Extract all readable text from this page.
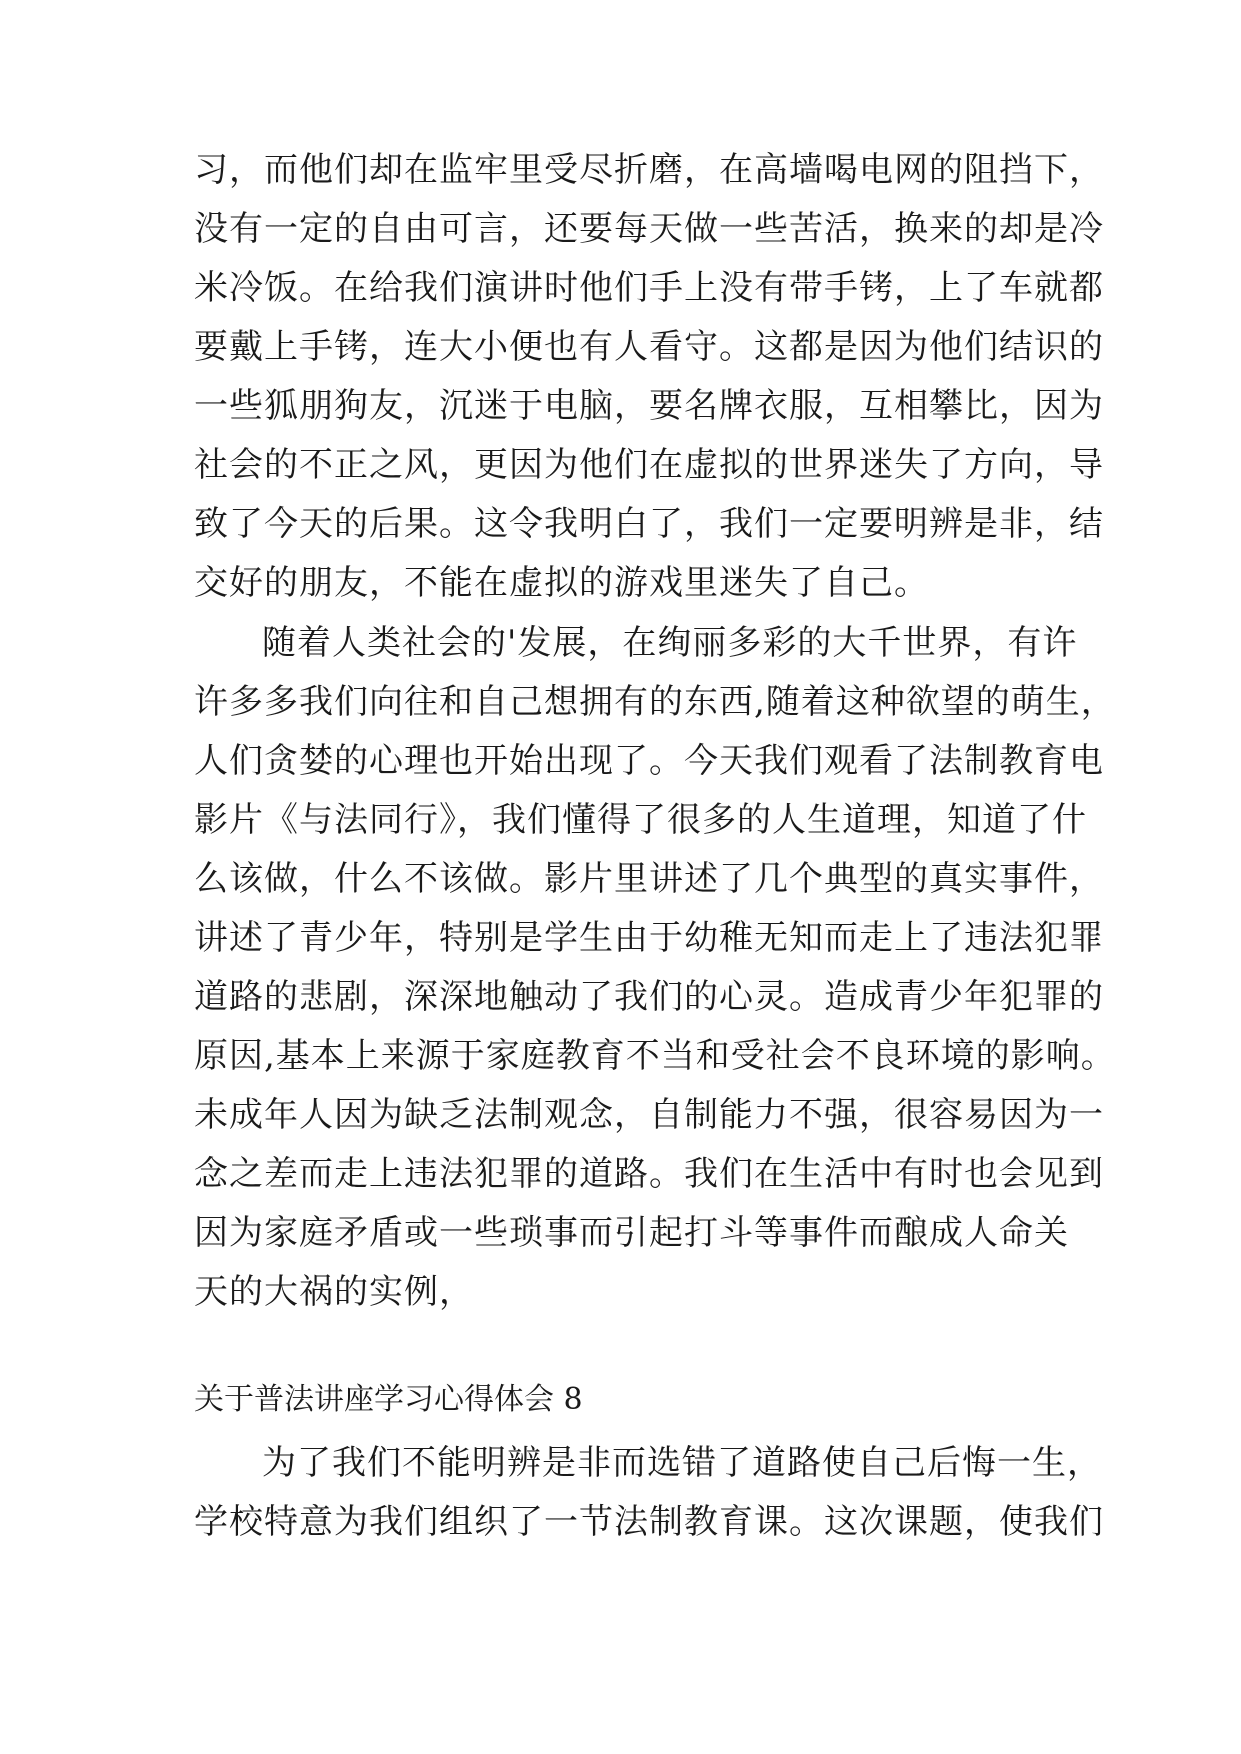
习，而他们却在监牢里受尽折磨，在高墙喝电网的阻挡下，
没有一定的自由可言，还要每天做一些苦活，换来的却是冷
米冷饭。在给我们演讲时他们手上没有带手铐，上了车就都
要戴上手铐，连大小便也有人看守。这都是因为他们结识的
一些狐朋狗友，沉迷于电脑，要名牌衣服，互相攀比，因为
社会的不正之风，更因为他们在虚拟的世界迷失了方向，导
致了今天的后果。这令我明白了，我们一定要明辨是非，结
交好的朋友，不能在虚拟的游戏里迷失了自己。
随着人类社会的'发展，在绚丽多彩的大千世界，有许
许多多我们向往和自己想拥有的东西,随着这种欲望的萌生，
人们贪婪的心理也开始出现了。今天我们观看了法制教育电
影片《与法同行》，我们懂得了很多的人生道理，知道了什
么该做，什么不该做。影片里讲述了几个典型的真实事件，
讲述了青少年，特别是学生由于幼稚无知而走上了违法犯罪
道路的悲剧，深深地触动了我们的心灵。造成青少年犯罪的
原因,基本上来源于家庭教育不当和受社会不良环境的影响。
未成年人因为缺乏法制观念，自制能力不强，很容易因为一
念之差而走上违法犯罪的道路。我们在生活中有时也会见到
因为家庭矛盾或一些琐事而引起打斗等事件而酿成人命关
天的大祸的实例，
关于普法讲座学习心得体会 8
为了我们不能明辨是非而选错了道路使自己后悔一生，
学校特意为我们组织了一节法制教育课。这次课题，使我们
